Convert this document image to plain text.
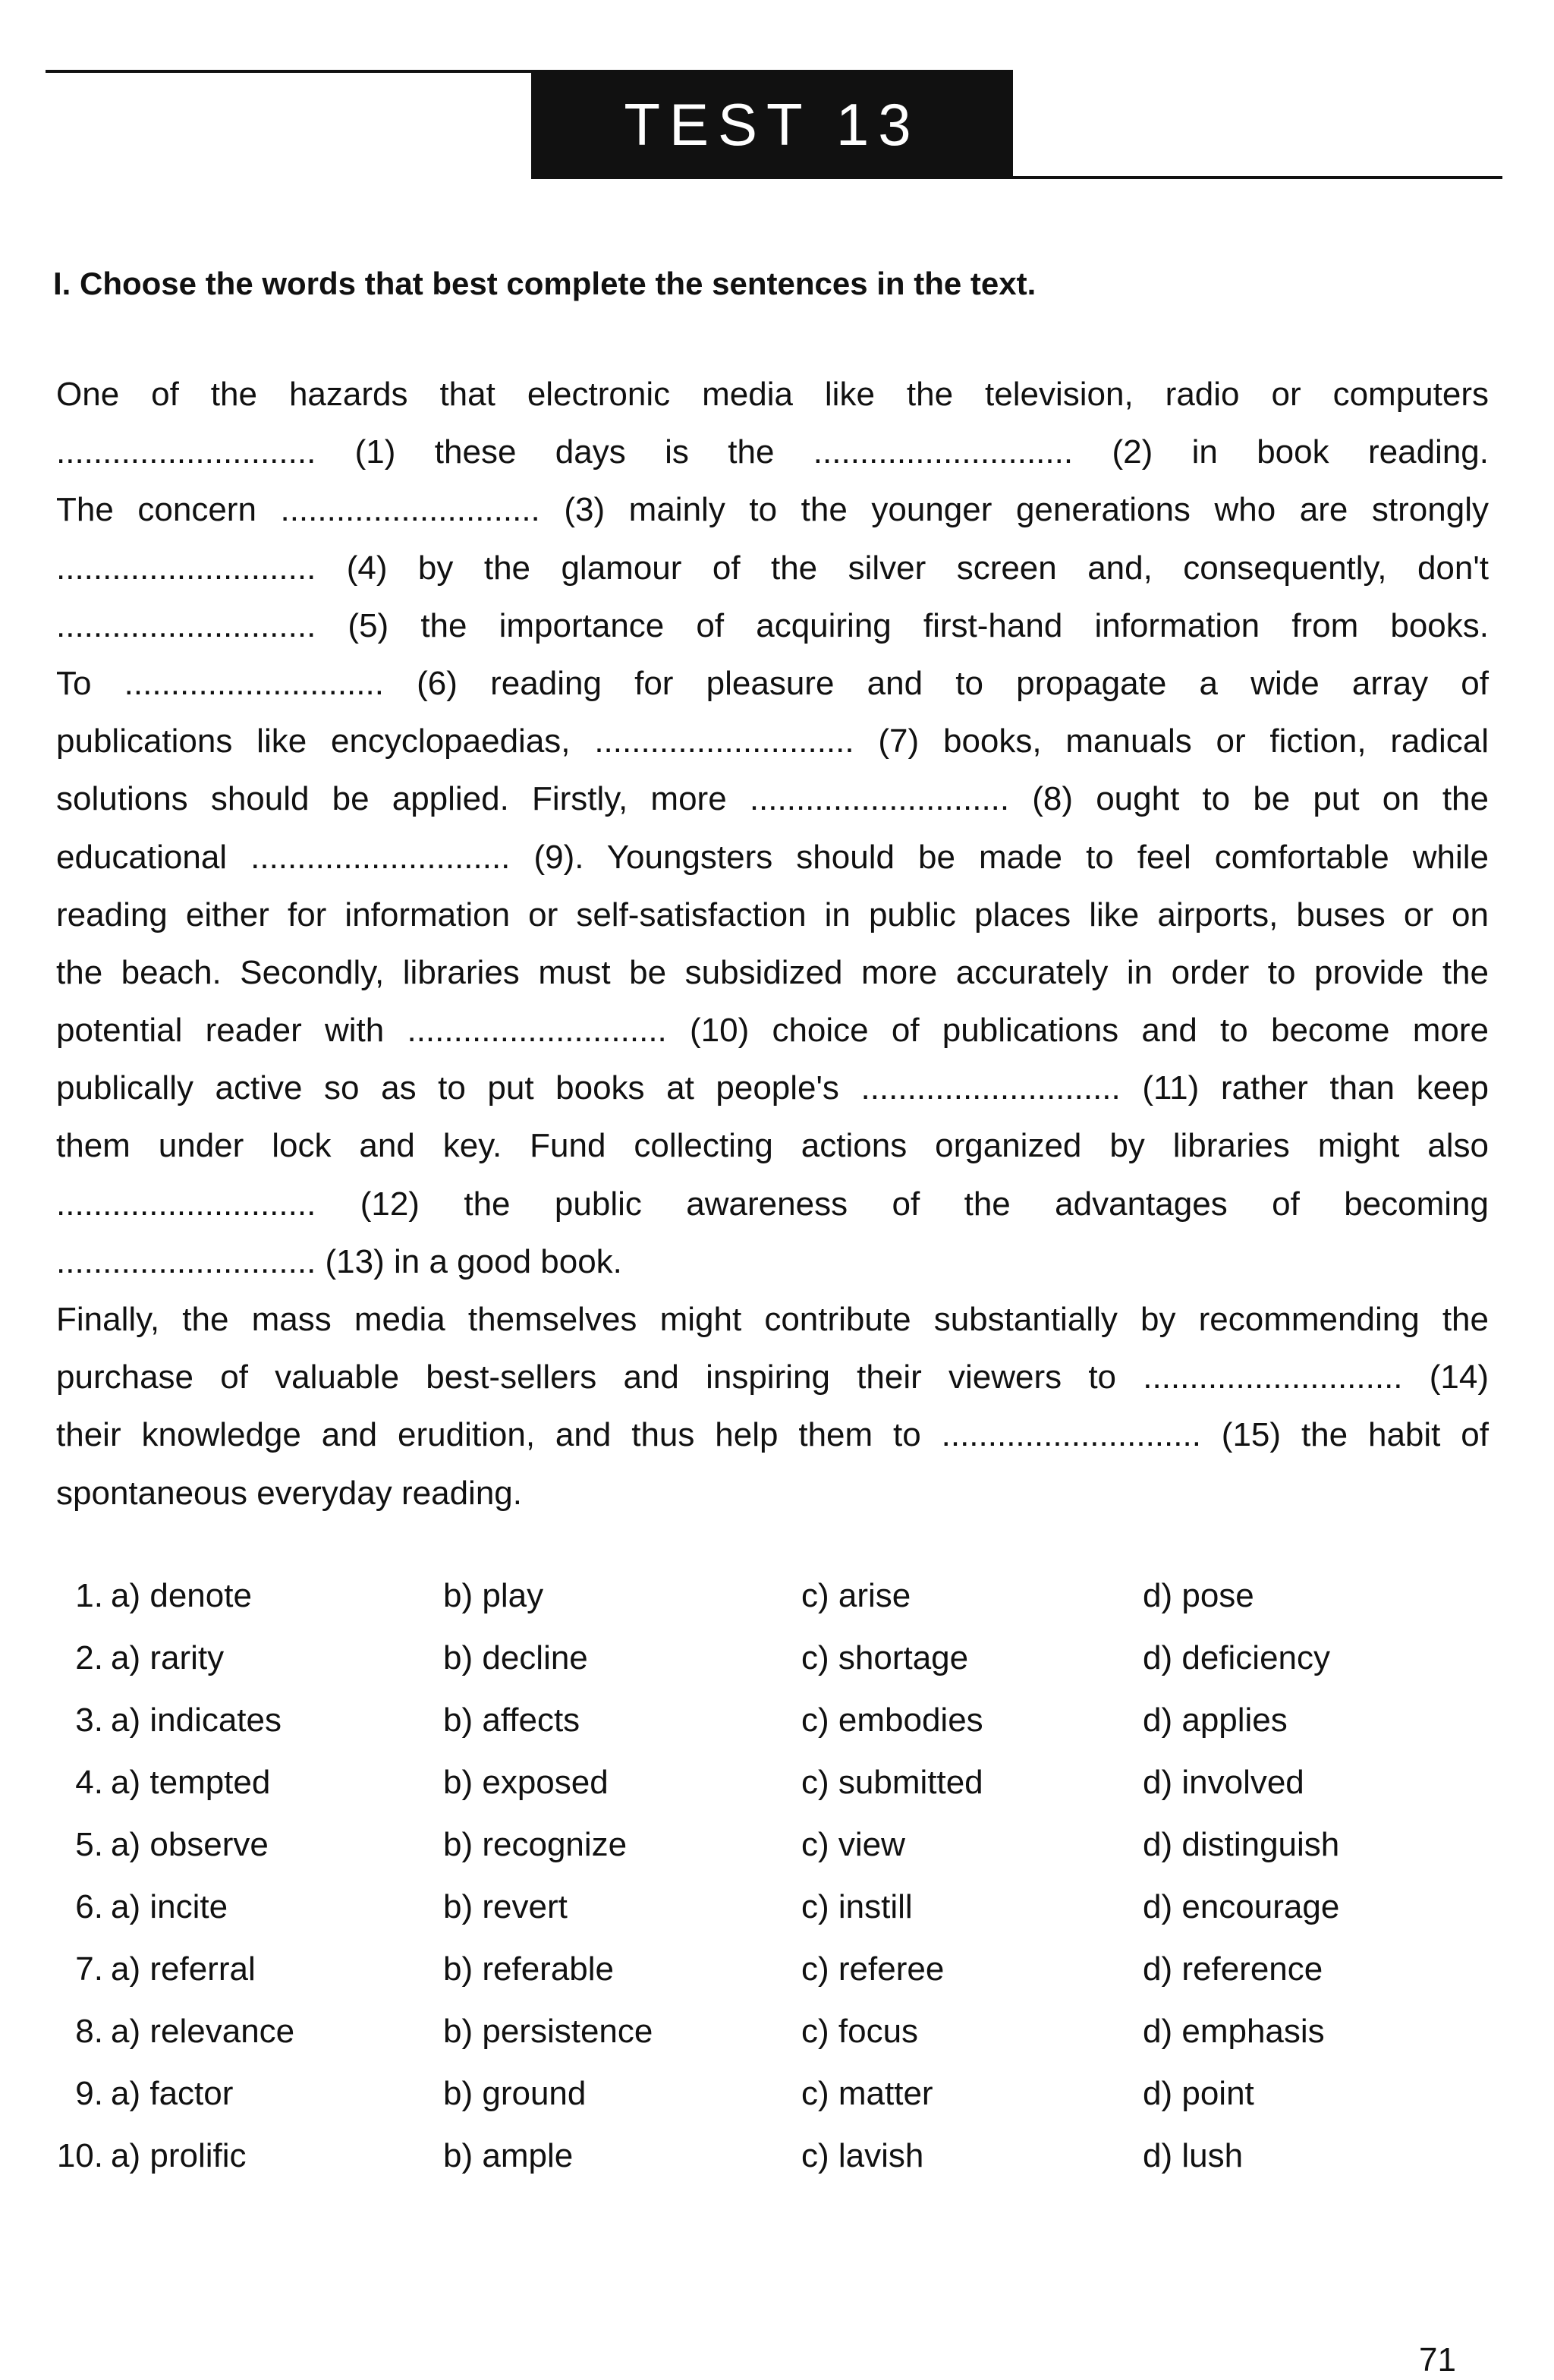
TEST 13
I. Choose the words that best complete the sentences in the text.
One of the hazards that electronic media like the television, radio or computers
............................ (1) these days is the ............................ (2) in book reading.
The concern ............................ (3) mainly to the younger generations who are strongly
............................ (4) by the glamour of the silver screen and, consequently, don't
............................ (5) the importance of acquiring first-hand information from books.
To ............................ (6) reading for pleasure and to propagate a wide array of
publications like encyclopaedias, ............................ (7) books, manuals or fiction, radical
solutions should be applied. Firstly, more ............................ (8) ought to be put on the
educational ............................ (9). Youngsters should be made to feel comfortable while
reading either for information or self-satisfaction in public places like airports, buses or on
the beach. Secondly, libraries must be subsidized more accurately in order to provide the
potential reader with ............................ (10) choice of publications and to become more
publically active so as to put books at people's ............................ (11) rather than keep
them under lock and key. Fund collecting actions organized by libraries might also
............................ (12) the public awareness of the advantages of becoming
............................ (13) in a good book.
Finally, the mass media themselves might contribute substantially by recommending the
purchase of valuable best-sellers and inspiring their viewers to ............................ (14)
their knowledge and erudition, and thus help them to ............................ (15) the habit of
spontaneous everyday reading.
1. a) denote	b) play	c) arise	d) pose
2. a) rarity	b) decline	c) shortage	d) deficiency
3. a) indicates	b) affects	c) embodies	d) applies
4. a) tempted	b) exposed	c) submitted	d) involved
5. a) observe	b) recognize	c) view	d) distinguish
6. a) incite	b) revert	c) instill	d) encourage
7. a) referral	b) referable	c) referee	d) reference
8. a) relevance	b) persistence	c) focus	d) emphasis
9. a) factor	b) ground	c) matter	d) point
10. a) prolific	b) ample	c) lavish	d) lush
71
